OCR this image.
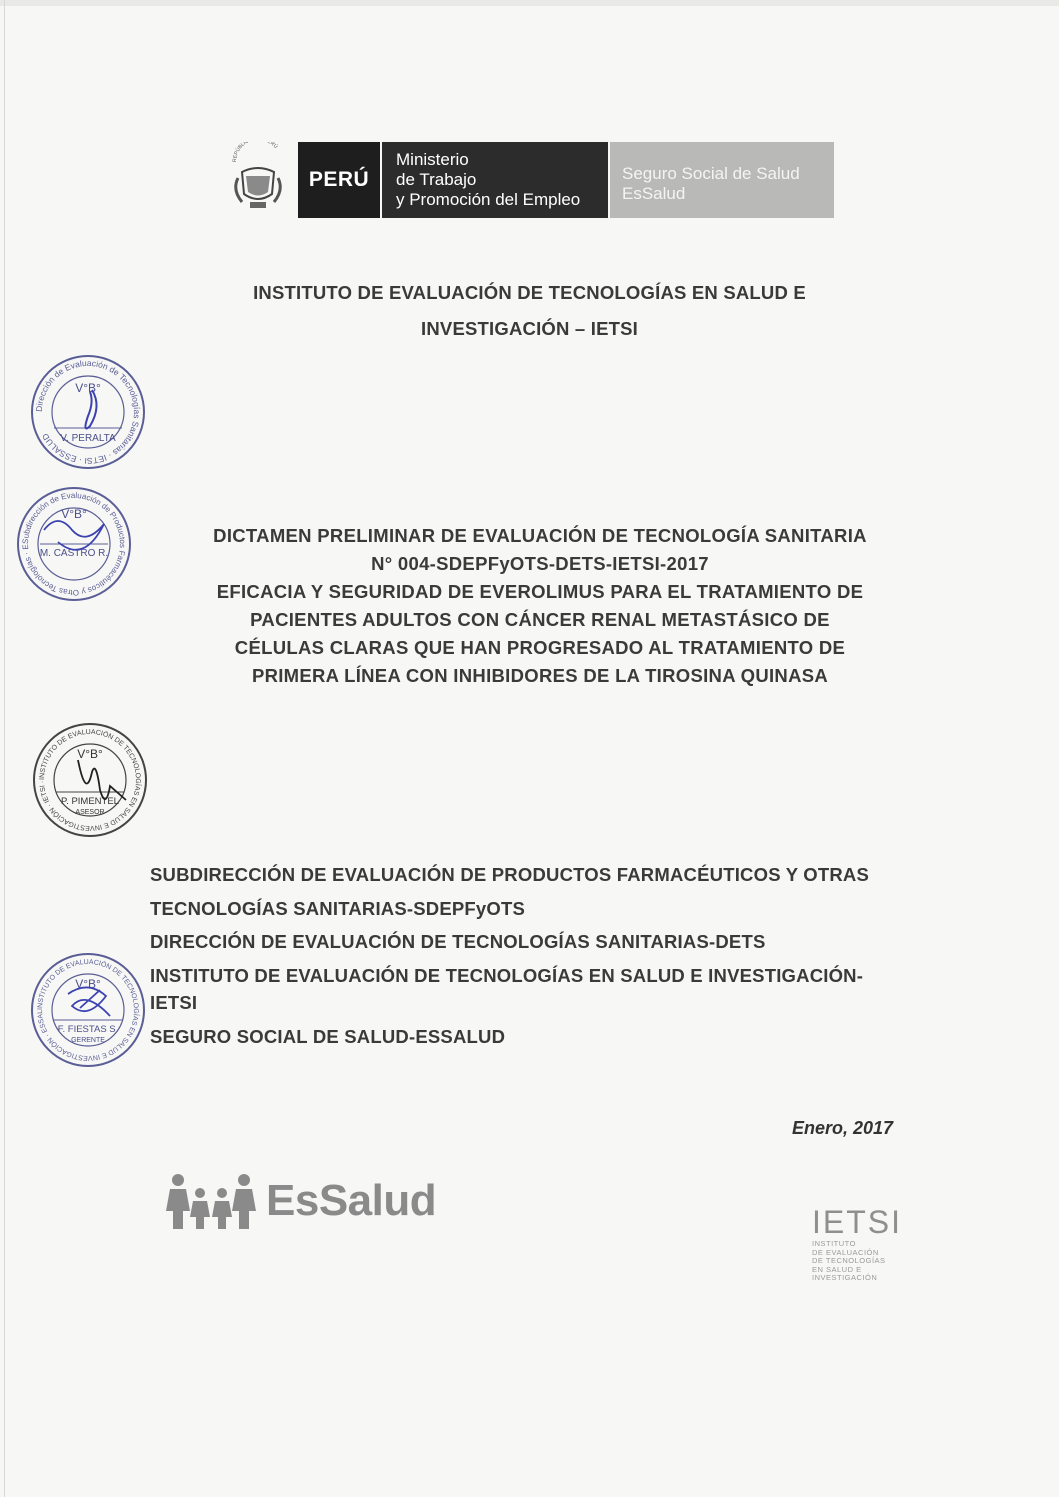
REPÚBLI RÚ
PERÚ
Ministerio
de Trabajo
y Promoción del Empleo
Seguro Social de Salud
EsSalud
INSTITUTO DE EVALUACIÓN DE TECNOLOGÍAS EN SALUD E
INVESTIGACIÓN – IETSI
DICTAMEN PRELIMINAR DE EVALUACIÓN DE TECNOLOGÍA SANITARIA
N° 004-SDEPFyOTS-DETS-IETSI-2017
EFICACIA Y SEGURIDAD DE EVEROLIMUS PARA EL TRATAMIENTO DE
PACIENTES ADULTOS CON CÁNCER RENAL METASTÁSICO DE
CÉLULAS CLARAS QUE HAN PROGRESADO AL TRATAMIENTO DE
PRIMERA LÍNEA CON INHIBIDORES DE LA TIROSINA QUINASA
SUBDIRECCIÓN DE EVALUACIÓN DE PRODUCTOS FARMACÉUTICOS Y OTRAS
TECNOLOGÍAS SANITARIAS-SDEPFyOTS
DIRECCIÓN DE EVALUACIÓN DE TECNOLOGÍAS SANITARIAS-DETS
INSTITUTO DE EVALUACIÓN DE TECNOLOGÍAS EN SALUD E INVESTIGACIÓN-
IETSI
SEGURO SOCIAL DE SALUD-ESSALUD
Enero, 2017
Dirección de Evaluación de Tecnologías Sanitarias · IETSI · ESSALUD
V°B°
V. PERALTA
Subdirección de Evaluación de Productos Farmacéuticos y Otras Tecnologías · ESSALUD
V°B°
M. CASTRO R.
INSTITUTO DE EVALUACIÓN DE TECNOLOGÍAS EN SALUD E INVESTIGACIÓN · IETSI · ESSALUD
V°B°
P. PIMENTEL
ASESOR
INSTITUTO DE EVALUACIÓN DE TECNOLOGÍAS EN SALUD E INVESTIGACIÓN · ESSALUD
V°B°
F. FIESTAS S.
GERENTE
EsSalud	IETSI
INSTITUTO
DE EVALUACIÓN
DE TECNOLOGÍAS
EN SALUD E
INVESTIGACIÓN
